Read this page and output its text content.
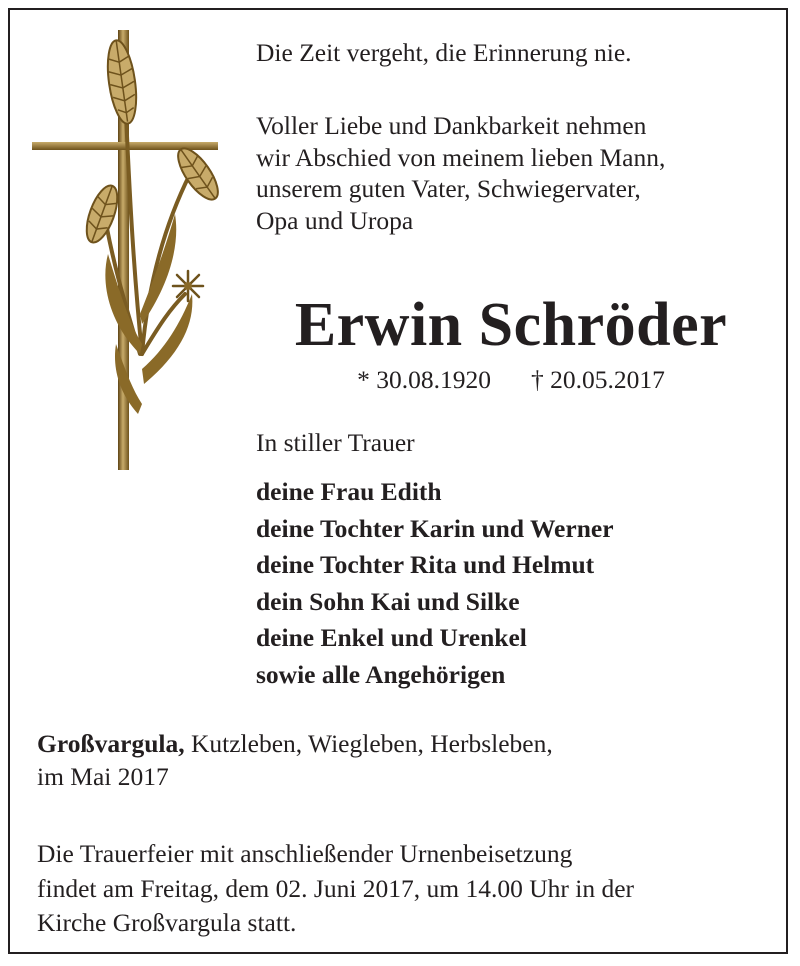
Die Zeit vergeht, die Erinnerung nie.
Voller Liebe und Dankbarkeit nehmen
wir Abschied von meinem lieben Mann,
unserem guten Vater, Schwiegervater,
Opa und Uropa
Erwin Schröder
* 30.08.1920 † 20.05.2017
In stiller Trauer
deine Frau Edith
deine Tochter Karin und Werner
deine Tochter Rita und Helmut
dein Sohn Kai und Silke
deine Enkel und Urenkel
sowie alle Angehörigen
Großvargula, Kutzleben, Wiegleben, Herbsleben,
im Mai 2017
Die Trauerfeier mit anschließender Urnenbeisetzung
findet am Freitag, dem 02. Juni 2017, um 14.00 Uhr in der
Kirche Großvargula statt.
